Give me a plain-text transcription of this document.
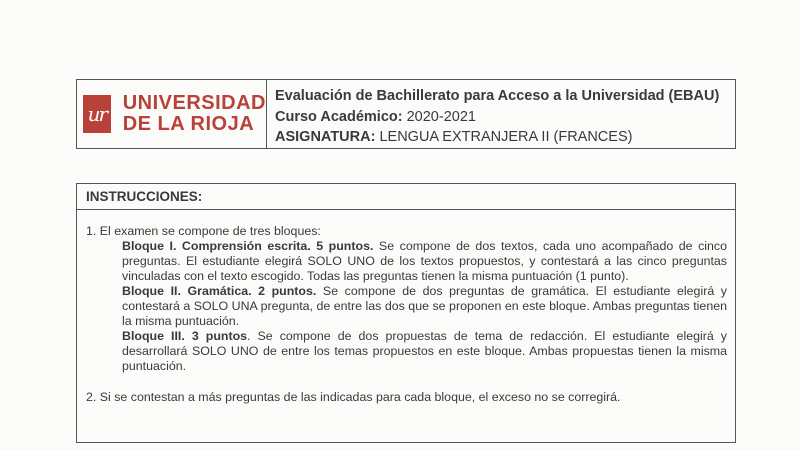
ur UNIVERSIDAD
DE LA RIOJA
Evaluación de Bachillerato para Acceso a la Universidad (EBAU)
Curso Académico: 2020-2021
ASIGNATURA: LENGUA EXTRANJERA II (FRANCES)
INSTRUCCIONES:

1. El examen se compone de tres bloques:

Bloque I. Comprensión escrita. 5 puntos. Se compone de dos textos, cada uno acompañado de cinco preguntas. El estudiante elegirá SOLO UNO de los textos propuestos, y contestará a las cinco preguntas vinculadas con el texto escogido. Todas las preguntas tienen la misma puntuación (1 punto).

Bloque II. Gramática. 2 puntos. Se compone de dos preguntas de gramática. El estudiante elegirá y contestará a SOLO UNA pregunta, de entre las dos que se proponen en este bloque. Ambas preguntas tienen la misma puntuación.

Bloque III. 3 puntos. Se compone de dos propuestas de tema de redacción. El estudiante elegirá y desarrollará SOLO UNO de entre los temas propuestos en este bloque. Ambas propuestas tienen la misma puntuación.

2. Si se contestan a más preguntas de las indicadas para cada bloque, el exceso no se corregirá.
